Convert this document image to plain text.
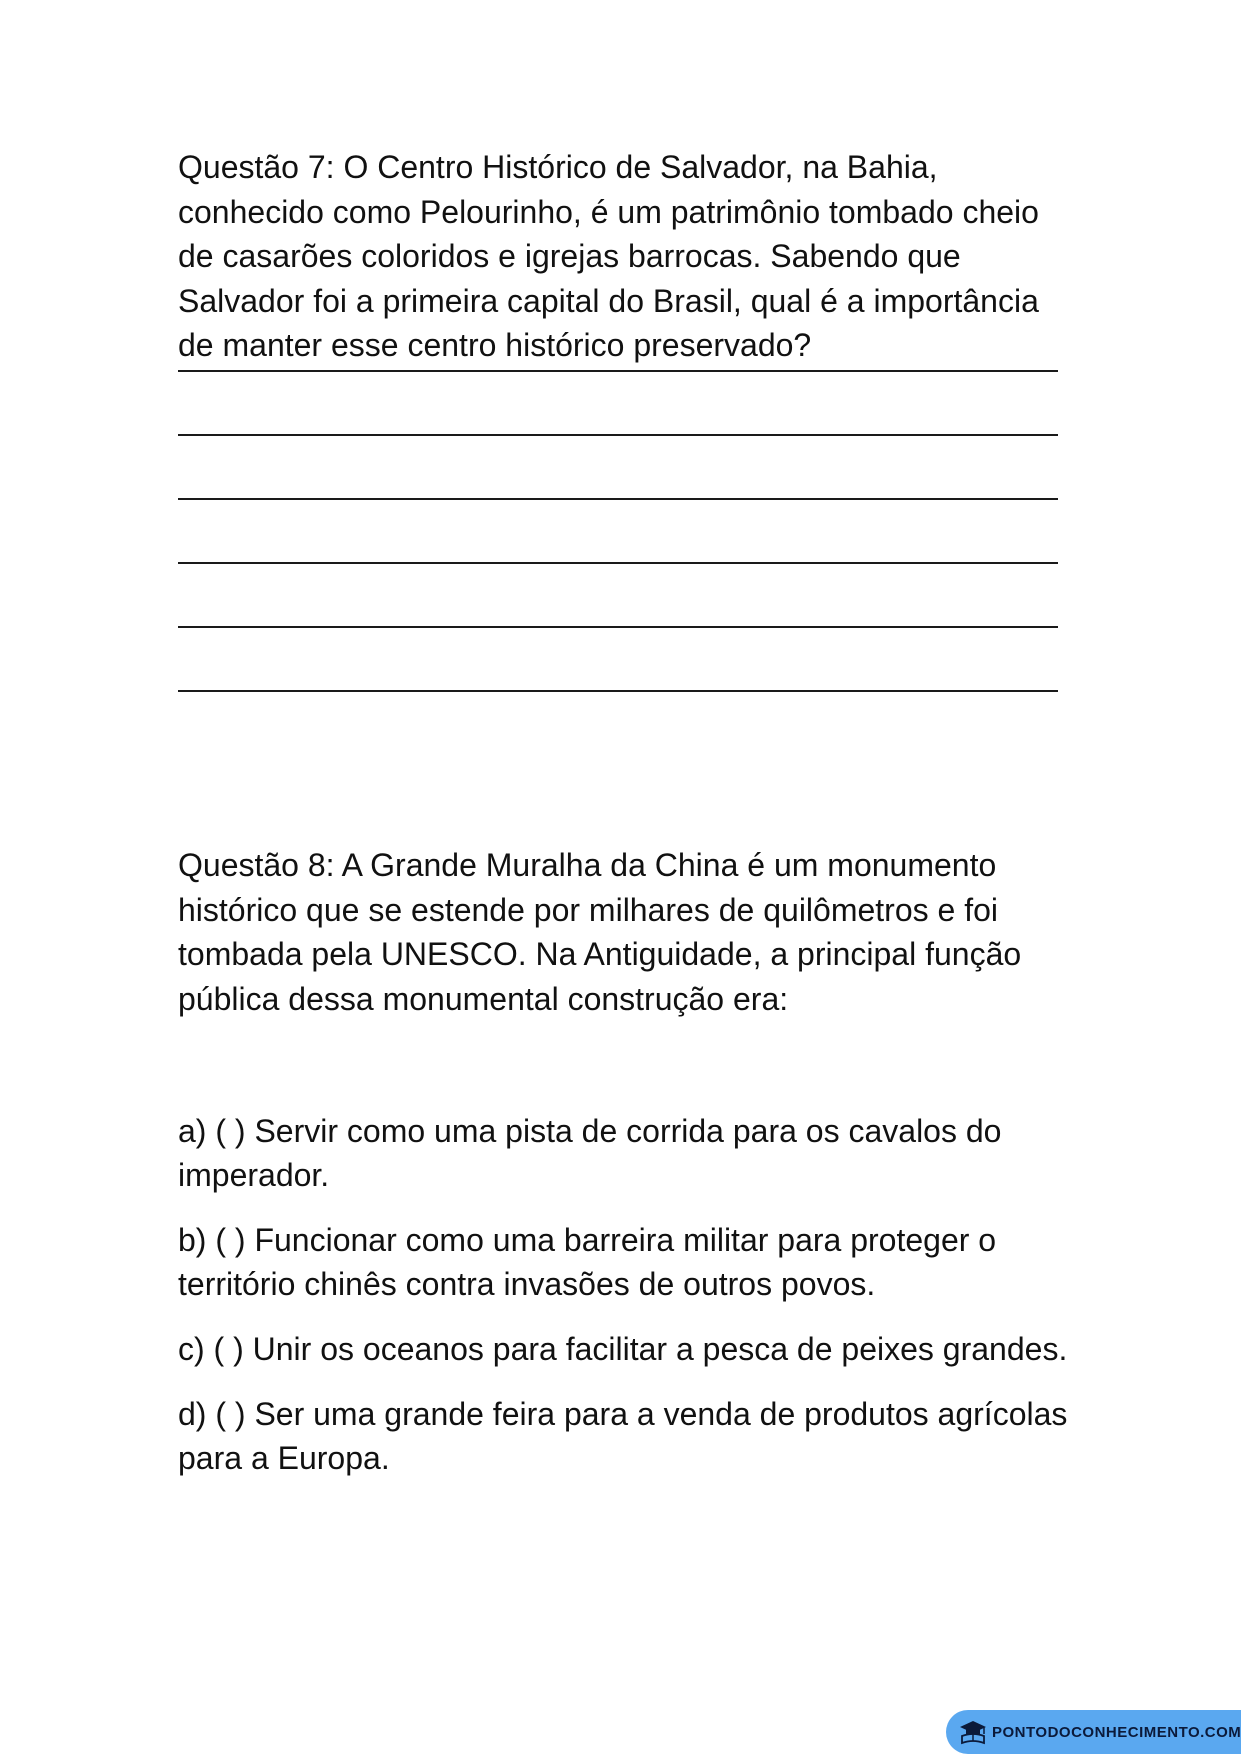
Questão 7: O Centro Histórico de Salvador, na Bahia, conhecido como Pelourinho, é um patrimônio tombado cheio de casarões coloridos e igrejas barrocas. Sabendo que Salvador foi a primeira capital do Brasil, qual é a importância de manter esse centro histórico preservado?

Questão 8: A Grande Muralha da China é um monumento histórico que se estende por milhares de quilômetros e foi tombada pela UNESCO. Na Antiguidade, a principal função pública dessa monumental construção era:

a) ( ) Servir como uma pista de corrida para os cavalos do imperador.

b) ( ) Funcionar como uma barreira militar para proteger o território chinês contra invasões de outros povos.

c) ( ) Unir os oceanos para facilitar a pesca de peixes grandes.

d) ( ) Ser uma grande feira para a venda de produtos agrícolas para a Europa.

PONTODOCONHECIMENTO.COM
